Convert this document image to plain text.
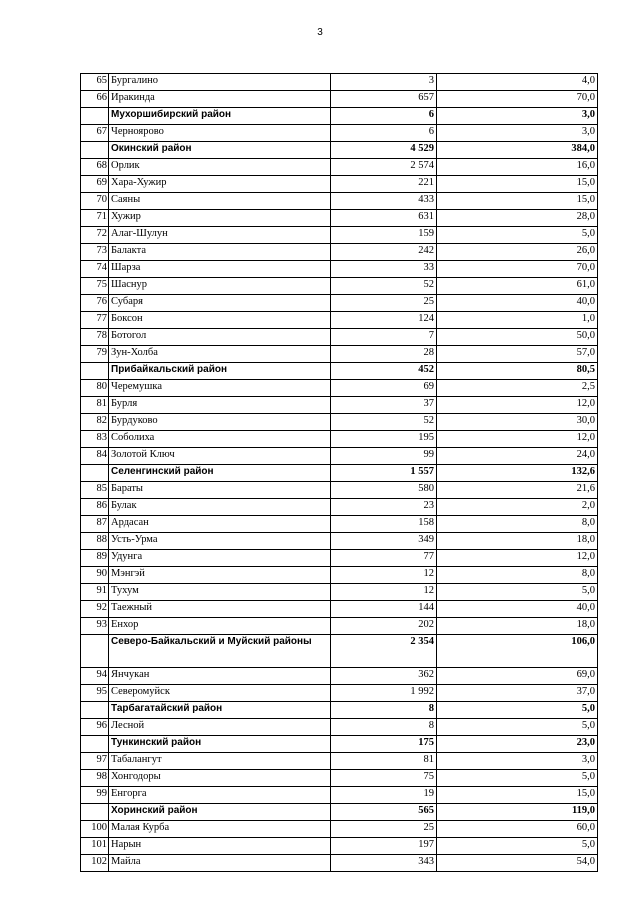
3
65	Бургалино	3	4,0
66	Иракинда	657	70,0
	Мухоршибирский район	6	3,0
67	Черноярово	6	3,0
	Окинский район	4 529	384,0
68	Орлик	2 574	16,0
69	Хара-Хужир	221	15,0
70	Саяны	433	15,0
71	Хужир	631	28,0
72	Алаг-Шулун	159	5,0
73	Балакта	242	26,0
74	Шарза	33	70,0
75	Шаснур	52	61,0
76	Субаря	25	40,0
77	Боксон	124	1,0
78	Ботогол	7	50,0
79	Зун-Холба	28	57,0
	Прибайкальский район	452	80,5
80	Черемушка	69	2,5
81	Бурля	37	12,0
82	Бурдуково	52	30,0
83	Соболиха	195	12,0
84	Золотой Ключ	99	24,0
	Селенгинский район	1 557	132,6
85	Бараты	580	21,6
86	Булак	23	2,0
87	Ардасан	158	8,0
88	Усть-Урма	349	18,0
89	Удунга	77	12,0
90	Мэнгэй	12	8,0
91	Тухум	12	5,0
92	Таежный	144	40,0
93	Енхор	202	18,0
	Северо-Байкальский и Муйский районы	2 354	106,0
94	Янчукан	362	69,0
95	Северомуйск	1 992	37,0
	Тарбагатайский район	8	5,0
96	Лесной	8	5,0
	Тункинский район	175	23,0
97	Табалангут	81	3,0
98	Хонгодоры	75	5,0
99	Енгорга	19	15,0
	Хоринский район	565	119,0
100	Малая Курба	25	60,0
101	Нарын	197	5,0
102	Майла	343	54,0
